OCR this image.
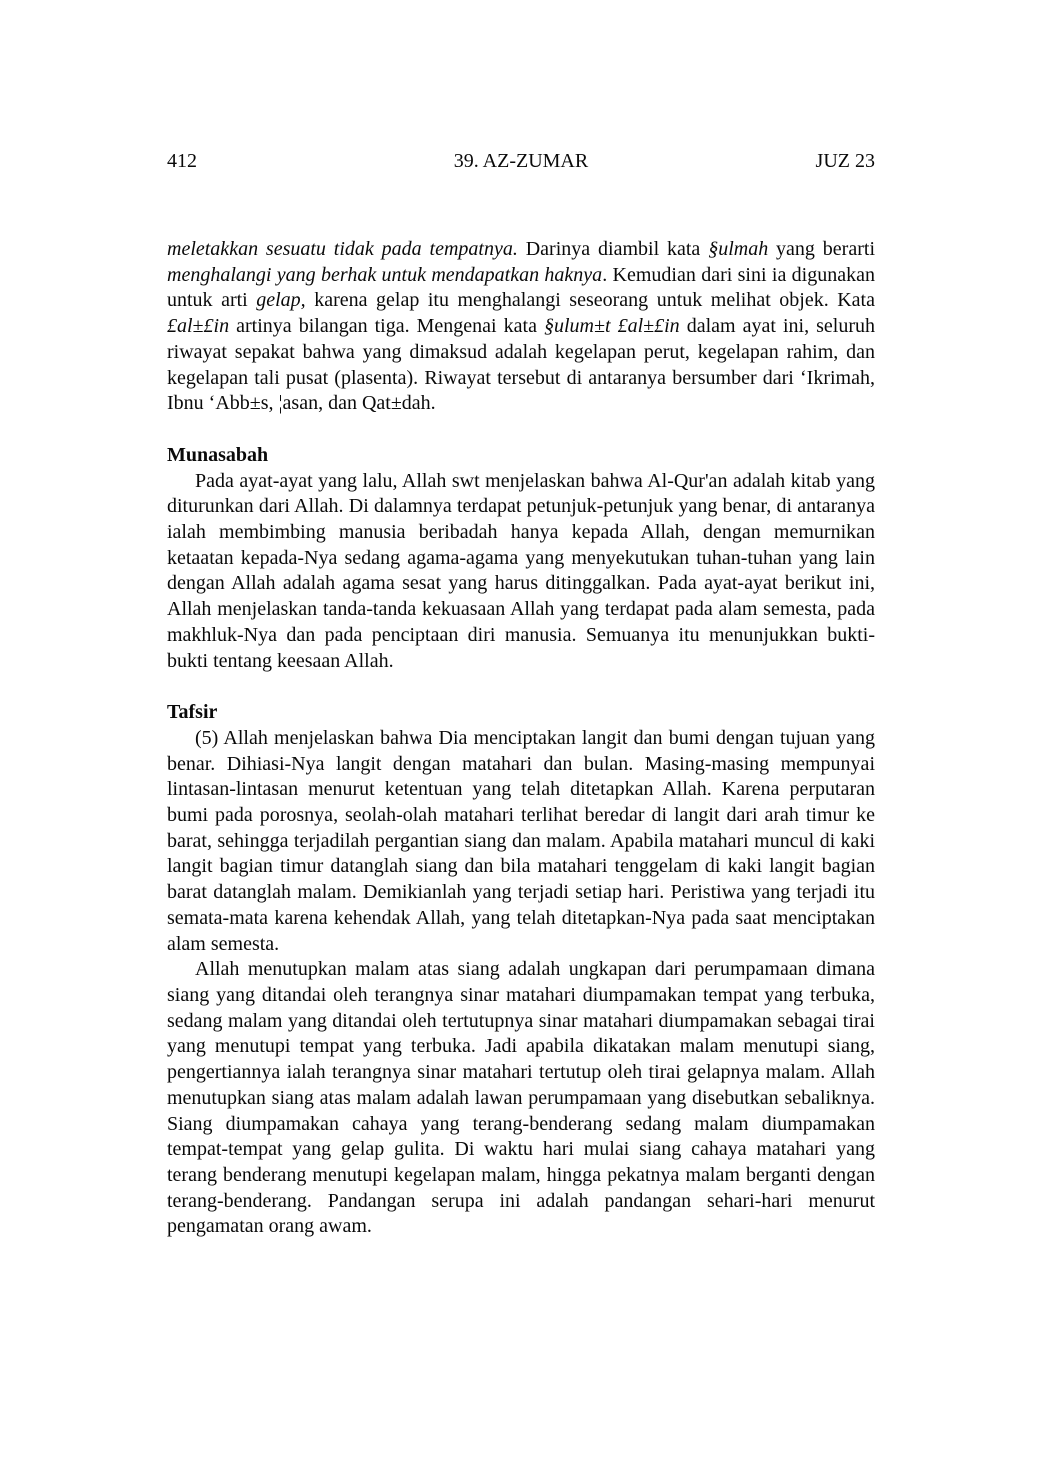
412	39. AZ-ZUMAR	JUZ 23

meletakkan sesuatu tidak pada tempatnya. Darinya diambil kata §ulmah yang berarti menghalangi yang berhak untuk mendapatkan haknya. Kemudian dari sini ia digunakan untuk arti gelap, karena gelap itu menghalangi seseorang untuk melihat objek. Kata £al±£in artinya bilangan tiga. Mengenai kata §ulum±t £al±£in dalam ayat ini, seluruh riwayat sepakat bahwa yang dimaksud adalah kegelapan perut, kegelapan rahim, dan kegelapan tali pusat (plasenta). Riwayat tersebut di antaranya bersumber dari ‘Ikrimah, Ibnu ‘Abb±s, ¦asan, dan Qat±dah.

Munasabah

Pada ayat-ayat yang lalu, Allah swt menjelaskan bahwa Al-Qur'an adalah kitab yang diturunkan dari Allah. Di dalamnya terdapat petunjuk-petunjuk yang benar, di antaranya ialah membimbing manusia beribadah hanya kepada Allah, dengan memurnikan ketaatan kepada-Nya sedang agama-agama yang menyekutukan tuhan-tuhan yang lain dengan Allah adalah agama sesat yang harus ditinggalkan. Pada ayat-ayat berikut ini, Allah menjelaskan tanda-tanda kekuasaan Allah yang terdapat pada alam semesta, pada makhluk-Nya dan pada penciptaan diri manusia. Semuanya itu menunjukkan bukti-bukti tentang keesaan Allah.

Tafsir

(5) Allah menjelaskan bahwa Dia menciptakan langit dan bumi dengan tujuan yang benar. Dihiasi-Nya langit dengan matahari dan bulan. Masing-masing mempunyai lintasan-lintasan menurut ketentuan yang telah ditetapkan Allah. Karena perputaran bumi pada porosnya, seolah-olah matahari terlihat beredar di langit dari arah timur ke barat, sehingga terjadilah pergantian siang dan malam. Apabila matahari muncul di kaki langit bagian timur datanglah siang dan bila matahari tenggelam di kaki langit bagian barat datanglah malam. Demikianlah yang terjadi setiap hari. Peristiwa yang terjadi itu semata-mata karena kehendak Allah, yang telah ditetapkan-Nya pada saat menciptakan alam semesta.

Allah menutupkan malam atas siang adalah ungkapan dari perumpamaan dimana siang yang ditandai oleh terangnya sinar matahari diumpamakan tempat yang terbuka, sedang malam yang ditandai oleh tertutupnya sinar matahari diumpamakan sebagai tirai yang menutupi tempat yang terbuka. Jadi apabila dikatakan malam menutupi siang, pengertiannya ialah terangnya sinar matahari tertutup oleh tirai gelapnya malam. Allah menutupkan siang atas malam adalah lawan perumpamaan yang disebutkan sebaliknya. Siang diumpamakan cahaya yang terang-benderang sedang malam diumpamakan tempat-tempat yang gelap gulita. Di waktu hari mulai siang cahaya matahari yang terang benderang menutupi kegelapan malam, hingga pekatnya malam berganti dengan terang-benderang. Pandangan serupa ini adalah pandangan sehari-hari menurut pengamatan orang awam.
